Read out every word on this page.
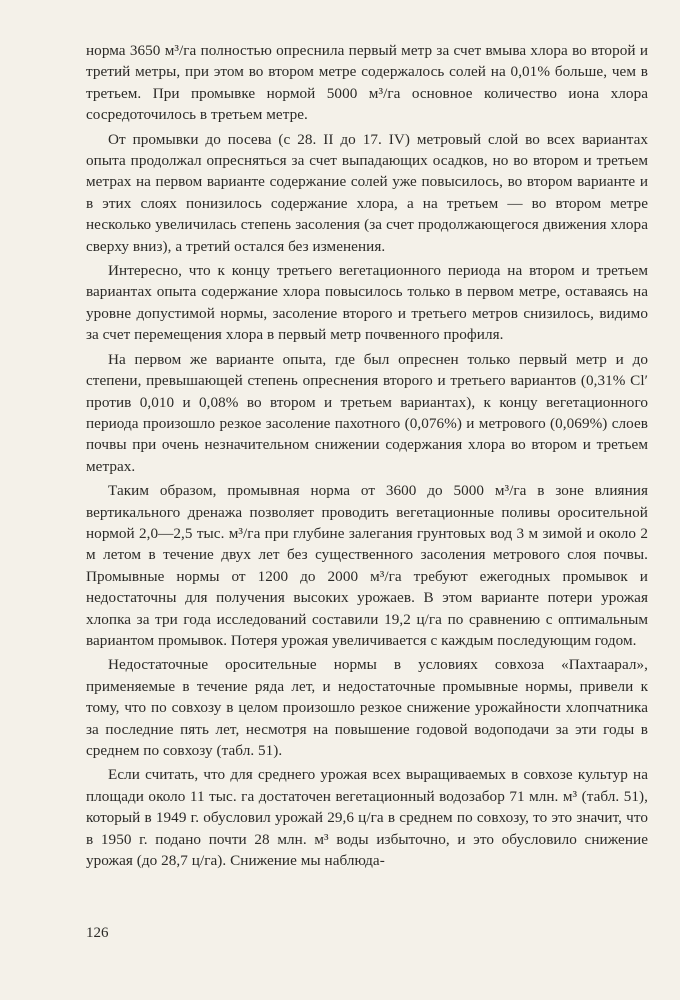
норма 3650 м³/га полностью опреснила первый метр за счет вмыва хлора во второй и третий метры, при этом во втором метре содержалось солей на 0,01% больше, чем в третьем. При промывке нормой 5000 м³/га основное количество иона хлора сосредоточилось в третьем метре.

От промывки до посева (с 28. II до 17. IV) метровый слой во всех вариантах опыта продолжал опресняться за счет выпадающих осадков, но во втором и третьем метрах на первом варианте содержание солей уже повысилось, во втором варианте и в этих слоях понизилось содержание хлора, а на третьем — во втором метре несколько увеличилась степень засоления (за счет продолжающегося движения хлора сверху вниз), а третий остался без изменения.

Интересно, что к концу третьего вегетационного периода на втором и третьем вариантах опыта содержание хлора повысилось только в первом метре, оставаясь на уровне допустимой нормы, засоление второго и третьего метров снизилось, видимо за счет перемещения хлора в первый метр почвенного профиля.

На первом же варианте опыта, где был опреснен только первый метр и до степени, превышающей степень опреснения второго и третьего вариантов (0,31% Cl′ против 0,010 и 0,08% во втором и третьем вариантах), к концу вегетационного периода произошло резкое засоление пахотного (0,076%) и метрового (0,069%) слоев почвы при очень незначительном снижении содержания хлора во втором и третьем метрах.

Таким образом, промывная норма от 3600 до 5000 м³/га в зоне влияния вертикального дренажа позволяет проводить вегетационные поливы оросительной нормой 2,0—2,5 тыс. м³/га при глубине залегания грунтовых вод 3 м зимой и около 2 м летом в течение двух лет без существенного засоления метрового слоя почвы. Промывные нормы от 1200 до 2000 м³/га требуют ежегодных промывок и недостаточны для получения высоких урожаев. В этом варианте потери урожая хлопка за три года исследований составили 19,2 ц/га по сравнению с оптимальным вариантом промывок. Потеря урожая увеличивается с каждым последующим годом.

Недостаточные оросительные нормы в условиях совхоза «Пахтаарал», применяемые в течение ряда лет, и недостаточные промывные нормы, привели к тому, что по совхозу в целом произошло резкое снижение урожайности хлопчатника за последние пять лет, несмотря на повышение годовой водоподачи за эти годы в среднем по совхозу (табл. 51).

Если считать, что для среднего урожая всех выращиваемых в совхозе культур на площади около 11 тыс. га достаточен вегетационный водозабор 71 млн. м³ (табл. 51), который в 1949 г. обусловил урожай 29,6 ц/га в среднем по совхозу, то это значит, что в 1950 г. подано почти 28 млн. м³ воды избыточно, и это обусловило снижение урожая (до 28,7 ц/га). Снижение мы наблюда-

126
